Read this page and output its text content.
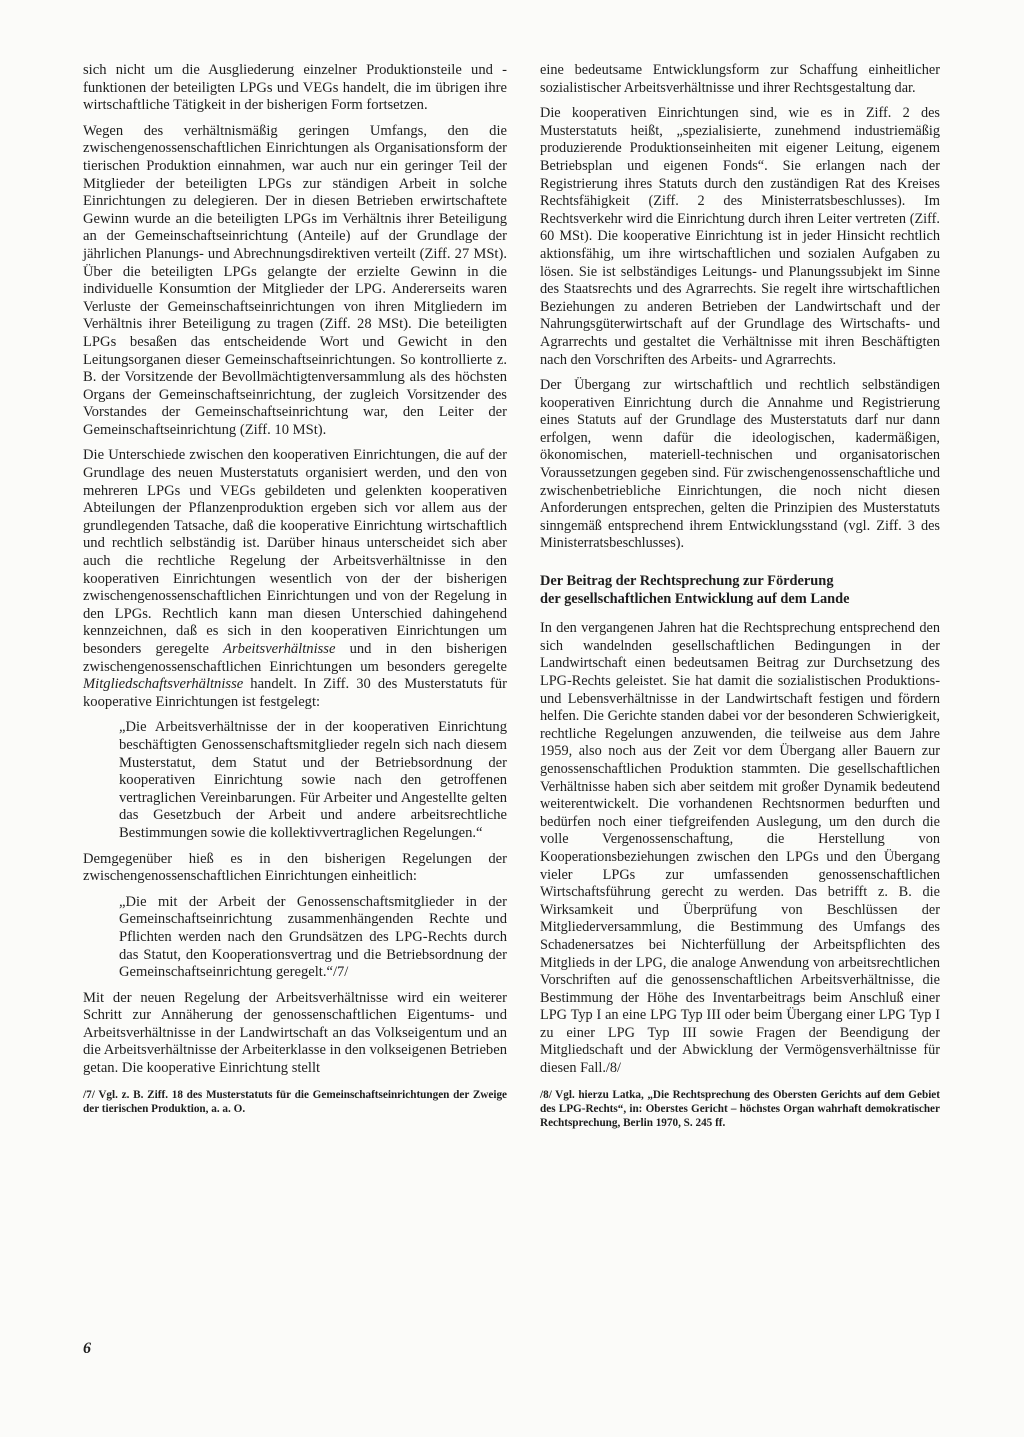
sich nicht um die Ausgliederung einzelner Produktionsteile und -funktionen der beteiligten LPGs und VEGs handelt, die im übrigen ihre wirtschaftliche Tätigkeit in der bisherigen Form fortsetzen.

Wegen des verhältnismäßig geringen Umfangs, den die zwischengenossenschaftlichen Einrichtungen als Organisationsform der tierischen Produktion einnahmen, war auch nur ein geringer Teil der Mitglieder der beteiligten LPGs zur ständigen Arbeit in solche Einrichtungen zu delegieren. Der in diesen Betrieben erwirtschaftete Gewinn wurde an die beteiligten LPGs im Verhältnis ihrer Beteiligung an der Gemeinschaftseinrichtung (Anteile) auf der Grundlage der jährlichen Planungs- und Abrechnungsdirektiven verteilt (Ziff. 27 MSt). Über die beteiligten LPGs gelangte der erzielte Gewinn in die individuelle Konsumtion der Mitglieder der LPG. Andererseits waren Verluste der Gemeinschaftseinrichtungen von ihren Mitgliedern im Verhältnis ihrer Beteiligung zu tragen (Ziff. 28 MSt). Die beteiligten LPGs besaßen das entscheidende Wort und Gewicht in den Leitungsorganen dieser Gemeinschaftseinrichtungen. So kontrollierte z. B. der Vorsitzende der Bevollmächtigtenversammlung als des höchsten Organs der Gemeinschaftseinrichtung, der zugleich Vorsitzender des Vorstandes der Gemeinschaftseinrichtung war, den Leiter der Gemeinschaftseinrichtung (Ziff. 10 MSt).

Die Unterschiede zwischen den kooperativen Einrichtungen, die auf der Grundlage des neuen Musterstatuts organisiert werden, und den von mehreren LPGs und VEGs gebildeten und gelenkten kooperativen Abteilungen der Pflanzenproduktion ergeben sich vor allem aus der grundlegenden Tatsache, daß die kooperative Einrichtung wirtschaftlich und rechtlich selbständig ist. Darüber hinaus unterscheidet sich aber auch die rechtliche Regelung der Arbeitsverhältnisse in den kooperativen Einrichtungen wesentlich von der der bisherigen zwischengenossenschaftlichen Einrichtungen und von der Regelung in den LPGs. Rechtlich kann man diesen Unterschied dahingehend kennzeichnen, daß es sich in den kooperativen Einrichtungen um besonders geregelte Arbeitsverhältnisse und in den bisherigen zwischengenossenschaftlichen Einrichtungen um besonders geregelte Mitgliedschaftsverhältnisse handelt. In Ziff. 30 des Musterstatuts für kooperative Einrichtungen ist festgelegt:

„Die Arbeitsverhältnisse der in der kooperativen Einrichtung beschäftigten Genossenschaftsmitglieder regeln sich nach diesem Musterstatut, dem Statut und der Betriebsordnung der kooperativen Einrichtung sowie nach den getroffenen vertraglichen Vereinbarungen. Für Arbeiter und Angestellte gelten das Gesetzbuch der Arbeit und andere arbeitsrechtliche Bestimmungen sowie die kollektivvertraglichen Regelungen.“

Demgegenüber hieß es in den bisherigen Regelungen der zwischengenossenschaftlichen Einrichtungen einheitlich:

„Die mit der Arbeit der Genossenschaftsmitglieder in der Gemeinschaftseinrichtung zusammenhängenden Rechte und Pflichten werden nach den Grundsätzen des LPG-Rechts durch das Statut, den Kooperationsvertrag und die Betriebsordnung der Gemeinschaftseinrichtung geregelt.“/7/

Mit der neuen Regelung der Arbeitsverhältnisse wird ein weiterer Schritt zur Annäherung der genossenschaftlichen Eigentums- und Arbeitsverhältnisse in der Landwirtschaft an das Volkseigentum und an die Arbeitsverhältnisse der Arbeiterklasse in den volkseigenen Betrieben getan. Die kooperative Einrichtung stellt

/7/ Vgl. z. B. Ziff. 18 des Musterstatuts für die Gemeinschaftseinrichtungen der Zweige der tierischen Produktion, a. a. O.

eine bedeutsame Entwicklungsform zur Schaffung einheitlicher sozialistischer Arbeitsverhältnisse und ihrer Rechtsgestaltung dar.

Die kooperativen Einrichtungen sind, wie es in Ziff. 2 des Musterstatuts heißt, „spezialisierte, zunehmend industriemäßig produzierende Produktionseinheiten mit eigener Leitung, eigenem Betriebsplan und eigenen Fonds“. Sie erlangen nach der Registrierung ihres Statuts durch den zuständigen Rat des Kreises Rechtsfähigkeit (Ziff. 2 des Ministerratsbeschlusses). Im Rechtsverkehr wird die Einrichtung durch ihren Leiter vertreten (Ziff. 60 MSt). Die kooperative Einrichtung ist in jeder Hinsicht rechtlich aktionsfähig, um ihre wirtschaftlichen und sozialen Aufgaben zu lösen. Sie ist selbständiges Leitungs- und Planungssubjekt im Sinne des Staatsrechts und des Agrarrechts. Sie regelt ihre wirtschaftlichen Beziehungen zu anderen Betrieben der Landwirtschaft und der Nahrungsgüterwirtschaft auf der Grundlage des Wirtschafts- und Agrarrechts und gestaltet die Verhältnisse mit ihren Beschäftigten nach den Vorschriften des Arbeits- und Agrarrechts.

Der Übergang zur wirtschaftlich und rechtlich selbständigen kooperativen Einrichtung durch die Annahme und Registrierung eines Statuts auf der Grundlage des Musterstatuts darf nur dann erfolgen, wenn dafür die ideologischen, kadermäßigen, ökonomischen, materiell-technischen und organisatorischen Voraussetzungen gegeben sind. Für zwischengenossenschaftliche und zwischenbetriebliche Einrichtungen, die noch nicht diesen Anforderungen entsprechen, gelten die Prinzipien des Musterstatuts sinngemäß entsprechend ihrem Entwicklungsstand (vgl. Ziff. 3 des Ministerratsbeschlusses).

Der Beitrag der Rechtsprechung zur Förderung
der gesellschaftlichen Entwicklung auf dem Lande

In den vergangenen Jahren hat die Rechtsprechung entsprechend den sich wandelnden gesellschaftlichen Bedingungen in der Landwirtschaft einen bedeutsamen Beitrag zur Durchsetzung des LPG-Rechts geleistet. Sie hat damit die sozialistischen Produktions- und Lebensverhältnisse in der Landwirtschaft festigen und fördern helfen. Die Gerichte standen dabei vor der besonderen Schwierigkeit, rechtliche Regelungen anzuwenden, die teilweise aus dem Jahre 1959, also noch aus der Zeit vor dem Übergang aller Bauern zur genossenschaftlichen Produktion stammten. Die gesellschaftlichen Verhältnisse haben sich aber seitdem mit großer Dynamik bedeutend weiterentwickelt. Die vorhandenen Rechtsnormen bedurften und bedürfen noch einer tiefgreifenden Auslegung, um den durch die volle Vergenossenschaftung, die Herstellung von Kooperationsbeziehungen zwischen den LPGs und den Übergang vieler LPGs zur umfassenden genossenschaftlichen Wirtschaftsführung gerecht zu werden. Das betrifft z. B. die Wirksamkeit und Überprüfung von Beschlüssen der Mitgliederversammlung, die Bestimmung des Umfangs des Schadenersatzes bei Nichterfüllung der Arbeitspflichten des Mitglieds in der LPG, die analoge Anwendung von arbeitsrechtlichen Vorschriften auf die genossenschaftlichen Arbeitsverhältnisse, die Bestimmung der Höhe des Inventarbeitrags beim Anschluß einer LPG Typ I an eine LPG Typ III oder beim Übergang einer LPG Typ I zu einer LPG Typ III sowie Fragen der Beendigung der Mitgliedschaft und der Abwicklung der Vermögensverhältnisse für diesen Fall./8/

/8/ Vgl. hierzu Latka, „Die Rechtsprechung des Obersten Gerichts auf dem Gebiet des LPG-Rechts“, in: Oberstes Gericht – höchstes Organ wahrhaft demokratischer Rechtsprechung, Berlin 1970, S. 245 ff.

6
